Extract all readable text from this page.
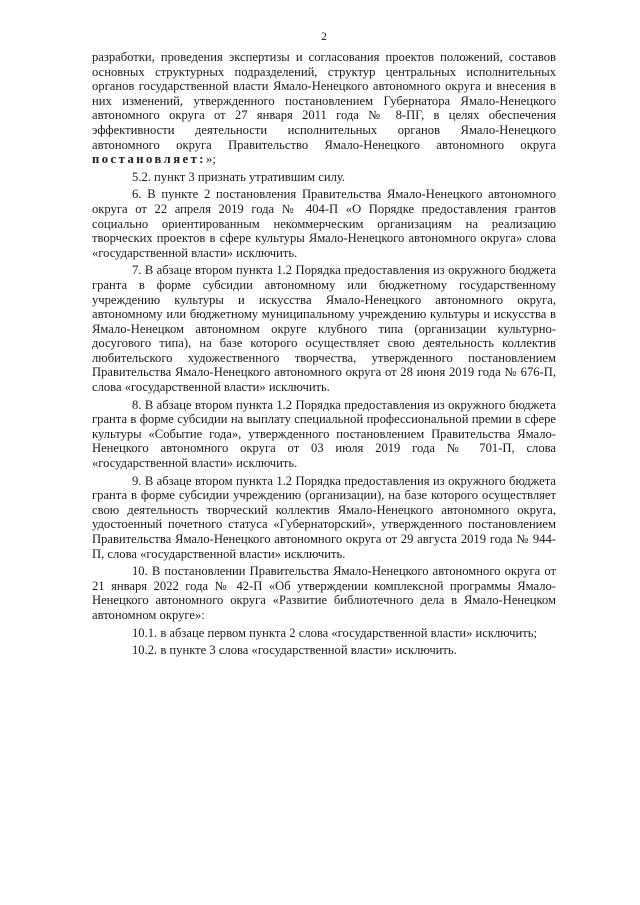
2

разработки, проведения экспертизы и согласования проектов положений, составов основных структурных подразделений, структур центральных исполнительных органов государственной власти Ямало-Ненецкого автономного округа и внесения в них изменений, утвержденного постановлением Губернатора Ямало-Ненецкого автономного округа от 27 января 2011 года № 8-ПГ, в целях обеспечения эффективности деятельности исполнительных органов Ямало-Ненецкого автономного округа Правительство Ямало-Ненецкого автономного округа постановляет:»;

5.2. пункт 3 признать утратившим силу.

6. В пункте 2 постановления Правительства Ямало-Ненецкого автономного округа от 22 апреля 2019 года № 404-П «О Порядке предоставления грантов социально ориентированным некоммерческим организациям на реализацию творческих проектов в сфере культуры Ямало-Ненецкого автономного округа» слова «государственной власти» исключить.

7. В абзаце втором пункта 1.2 Порядка предоставления из окружного бюджета гранта в форме субсидии автономному или бюджетному государственному учреждению культуры и искусства Ямало-Ненецкого автономного округа, автономному или бюджетному муниципальному учреждению культуры и искусства в Ямало-Ненецком автономном округе клубного типа (организации культурно-досугового типа), на базе которого осуществляет свою деятельность коллектив любительского художественного творчества, утвержденного постановлением Правительства Ямало-Ненецкого автономного округа от 28 июня 2019 года № 676-П, слова «государственной власти» исключить.

8. В абзаце втором пункта 1.2 Порядка предоставления из окружного бюджета гранта в форме субсидии на выплату специальной профессиональной премии в сфере культуры «Событие года», утвержденного постановлением Правительства Ямало-Ненецкого автономного округа от 03 июля 2019 года № 701-П, слова «государственной власти» исключить.

9. В абзаце втором пункта 1.2 Порядка предоставления из окружного бюджета гранта в форме субсидии учреждению (организации), на базе которого осуществляет свою деятельность творческий коллектив Ямало-Ненецкого автономного округа, удостоенный почетного статуса «Губернаторский», утвержденного постановлением Правительства Ямало-Ненецкого автономного округа от 29 августа 2019 года № 944-П, слова «государственной власти» исключить.

10. В постановлении Правительства Ямало-Ненецкого автономного округа от 21 января 2022 года № 42-П «Об утверждении комплексной программы Ямало-Ненецкого автономного округа «Развитие библиотечного дела в Ямало-Ненецком автономном округе»:

10.1. в абзаце первом пункта 2 слова «государственной власти» исключить;

10.2. в пункте 3 слова «государственной власти» исключить.
